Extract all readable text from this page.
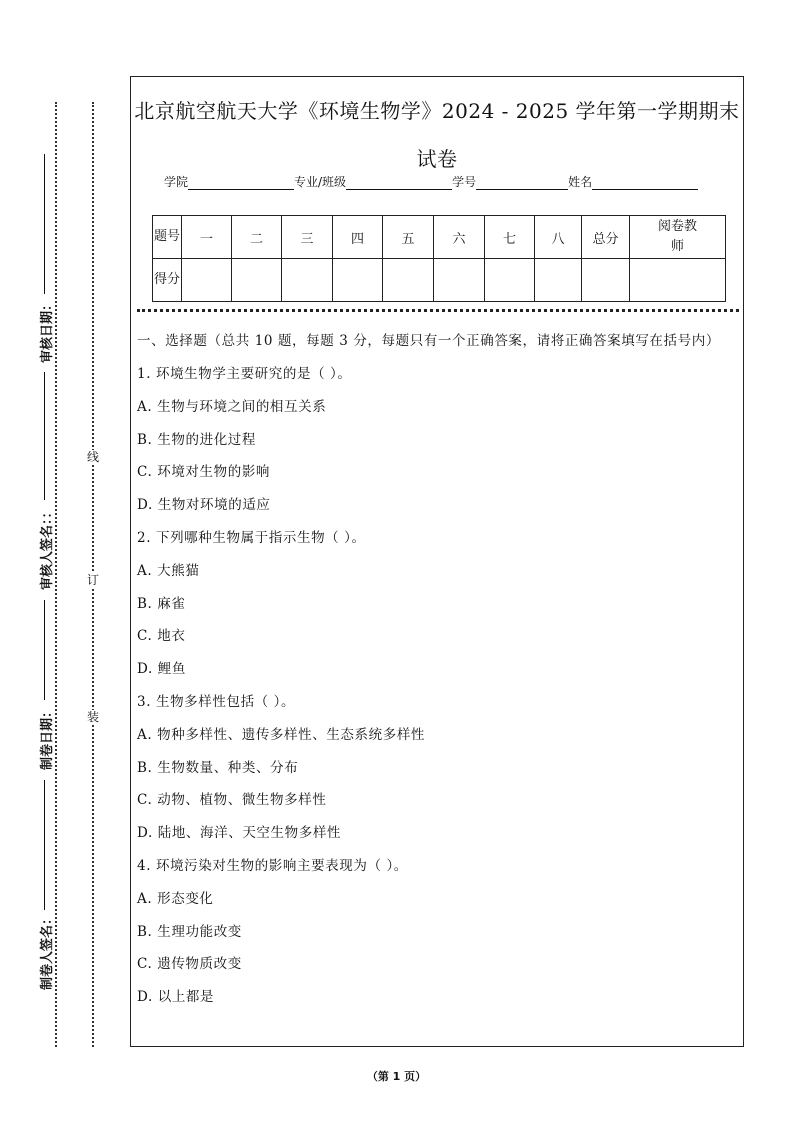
审核日期：
审核人签名：：
制卷日期：
制卷人签名：
线
订
装
北京航空航天大学《环境生物学》2024 - 2025 学年第一学期期末
试卷
学院	专业/班级	学号	姓名
题号	一	二	三	四	五	六	七	八	总分	阅卷教师
得分										
一、选择题（总共 10 题，每题 3 分，每题只有一个正确答案，请将正确答案填写在括号内）
1. 环境生物学主要研究的是（ ）。
A. 生物与环境之间的相互关系
B. 生物的进化过程
C. 环境对生物的影响
D. 生物对环境的适应
2. 下列哪种生物属于指示生物（ ）。
A. 大熊猫
B. 麻雀
C. 地衣
D. 鲤鱼
3. 生物多样性包括（ ）。
A. 物种多样性、遗传多样性、生态系统多样性
B. 生物数量、种类、分布
C. 动物、植物、微生物多样性
D. 陆地、海洋、天空生物多样性
4. 环境污染对生物的影响主要表现为（ ）。
A. 形态变化
B. 生理功能改变
C. 遗传物质改变
D. 以上都是
（第 1 页）
